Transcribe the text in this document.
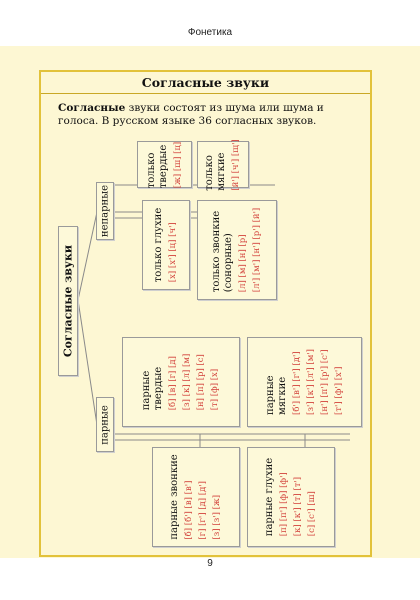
Фонетика
Согласные звуки
Согласные звуки состоят из шума или шума и голоса. В русском языке 36 согласных звуков.
Согласные звуки
непарные
парные
только твердые [ж] [ш] [ц] только мягкие [й'] [ч'] [щ']
только глухие [х] [х'] [ц] [ч']	только звонкие (сонорные) [л] [м] [н] [р] [л'] [м'] [н'] [р'] [й']
парные твердые [б] [в] [г] [д] [з] [к] [л] [м] [н] [п] [р] [с] [т] [ф] [х]	парные мягкие [б'] [в'] [г'] [д'] [з'] [к'] [л'] [м'] [н'] [п'] [р'] [с'] [т'] [ф'] [х']
парные звонкие [б] [б'] [в] [в'] [г] [г'] [д] [д'] [з] [з'] [ж]	парные глухие [п] [п'] [ф] [ф'] [к] [к'] [т] [т'] [с] [с'] [ш]
9
